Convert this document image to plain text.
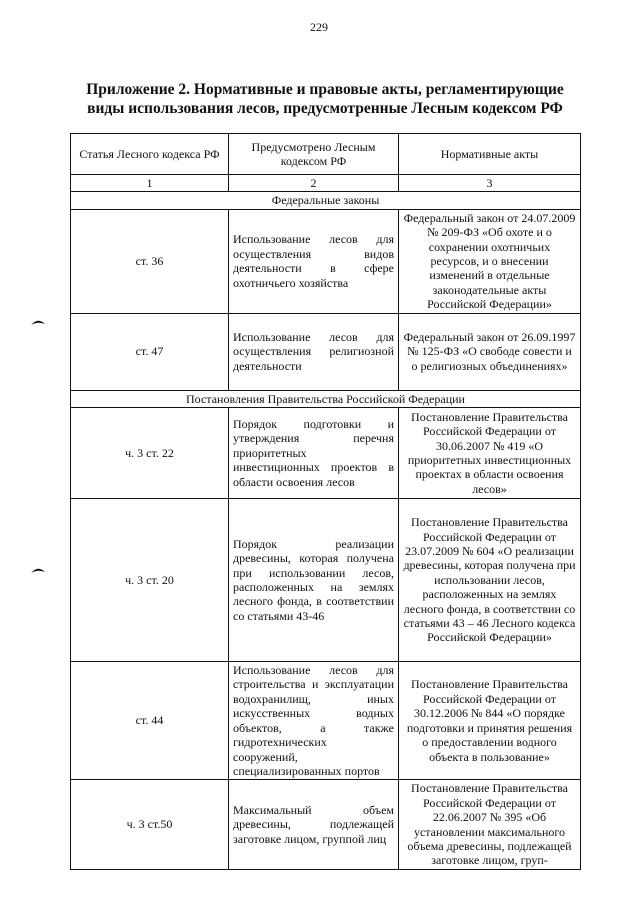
229
Приложение 2. Нормативные и правовые акты, регламентирующие
виды использования лесов, предусмотренные Лесным кодексом РФ
Статья Лесного кодекса РФ	Предусмотрено Лесным кодексом РФ	Нормативные акты
1	2	3
Федеральные законы		
ст. 36	Использование лесов для осуществления видов деятельности в сфере охотничьего хозяйства	Федеральный закон от 24.07.2009 № 209-ФЗ «Об охоте и о сохранении охотничьих ресурсов, и о внесении изменений в отдельные законодательные акты Российской Федерации»
ст. 47	Использование лесов для осуществления религиозной деятельности	Федеральный закон от 26.09.1997 № 125-ФЗ «О свободе совести и о религиозных объединениях»
Постановления Правительства Российской Федерации		
ч. 3 ст. 22	Порядок подготовки и утверждения перечня приоритетных инвестиционных проектов в области освоения лесов	Постановление Правительства Российской Федерации от 30.06.2007 № 419 «О приоритетных инвестиционных проектах в области освоения лесов»
ч. 3 ст. 20	Порядок реализации древесины, которая получена при использовании лесов, расположенных на землях лесного фонда, в соответствии со статьями 43-46	Постановление Правительства Российской Федерации от 23.07.2009 № 604 «О реализации древесины, которая получена при использовании лесов, расположенных на землях лесного фонда, в соответствии со статьями 43 – 46 Лесного кодекса Российской Федерации»
ст. 44	Использование лесов для строительства и эксплуатации водохранилищ, иных искусственных водных объектов, а также гидротехнических сооружений, специализированных портов	Постановление Правительства Российской Федерации от 30.12.2006 № 844 «О порядке подготовки и принятия решения о предоставлении водного объекта в пользование»
ч. 3 ст.50	Максимальный объем древесины, подлежащей заготовке лицом, группой лиц	Постановление Правительства Российской Федерации от 22.06.2007 № 395 «Об установлении максимального объема древесины, подлежащей заготовке лицом, груп-
